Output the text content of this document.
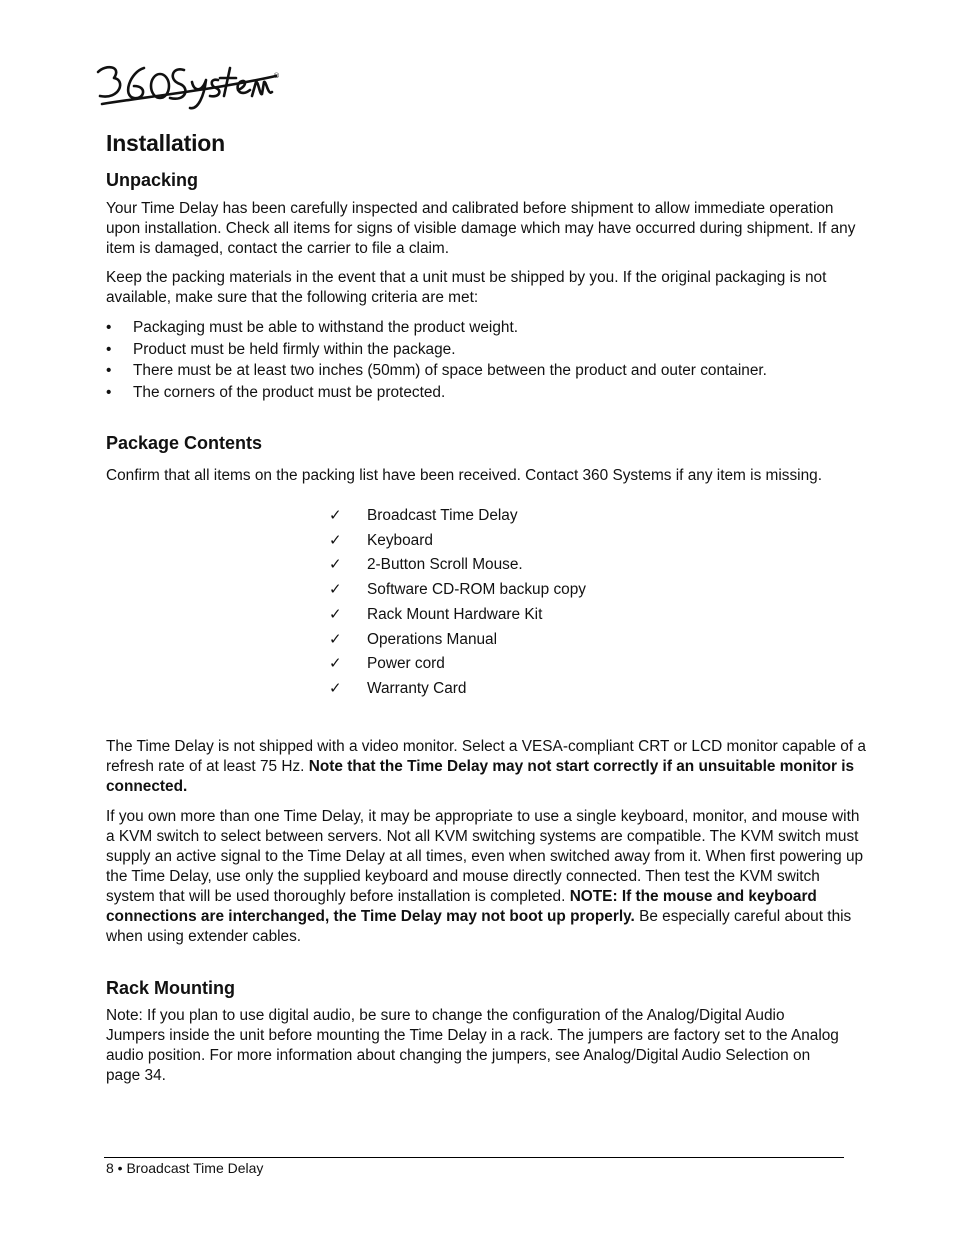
®
Installation
Unpacking

Your Time Delay has been carefully inspected and calibrated before shipment to allow immediate operation upon installation. Check all items for signs of visible damage which may have occurred during shipment. If any item is damaged, contact the carrier to file a claim.

Keep the packing materials in the event that a unit must be shipped by you. If the original packaging is not available, make sure that the following criteria are met:

• Packaging must be able to withstand the product weight.
• Product must be held firmly within the package.
• There must be at least two inches (50mm) of space between the product and outer container.
• The corners of the product must be protected.
Package Contents

Confirm that all items on the packing list have been received. Contact 360 Systems if any item is missing.

✓ Broadcast Time Delay
✓ Keyboard
✓ 2-Button Scroll Mouse.
✓ Software CD-ROM backup copy
✓ Rack Mount Hardware Kit
✓ Operations Manual
✓ Power cord
✓ Warranty Card

The Time Delay is not shipped with a video monitor. Select a VESA-compliant CRT or LCD monitor capable of a refresh rate of at least 75 Hz. Note that the Time Delay may not start correctly if an unsuitable monitor is connected.

If you own more than one Time Delay, it may be appropriate to use a single keyboard, monitor, and mouse with a KVM switch to select between servers. Not all KVM switching systems are compatible. The KVM switch must supply an active signal to the Time Delay at all times, even when switched away from it. When first powering up the Time Delay, use only the supplied keyboard and mouse directly connected. Then test the KVM switch system that will be used thoroughly before installation is completed. NOTE: If the mouse and keyboard connections are interchanged, the Time Delay may not boot up properly. Be especially careful about this when using extender cables.

Rack Mounting

Note: If you plan to use digital audio, be sure to change the configuration of the Analog/Digital Audio Jumpers inside the unit before mounting the Time Delay in a rack. The jumpers are factory set to the Analog audio position. For more information about changing the jumpers, see Analog/Digital Audio Selection on page 34.

8 • Broadcast Time Delay
